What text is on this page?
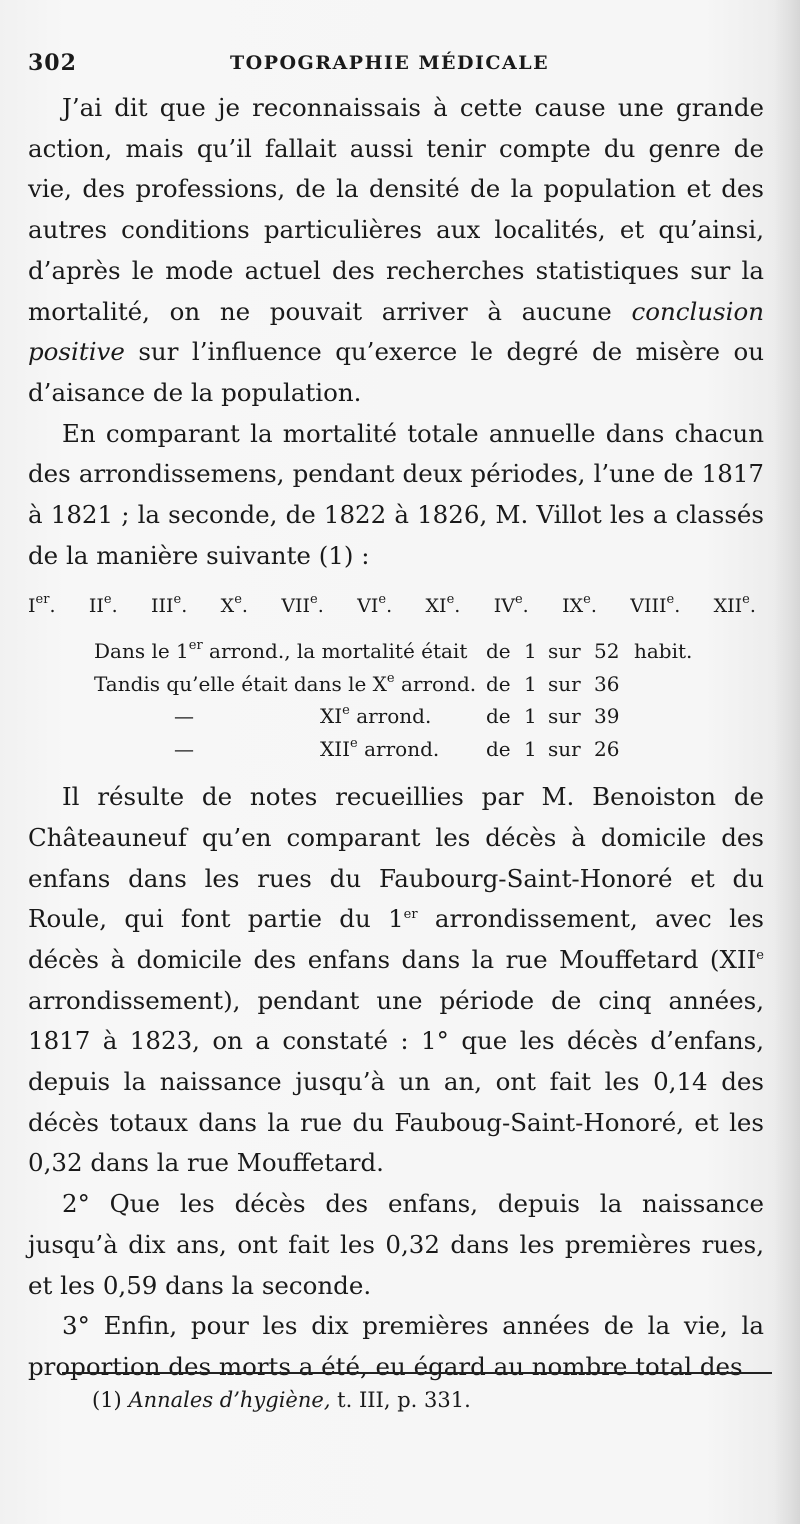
302	TOPOGRAPHIE MÉDICALE

J’ai dit que je reconnaissais à cette cause une grande action, mais qu’il fallait aussi tenir compte du genre de vie, des professions, de la densité de la population et des autres conditions particulières aux localités, et qu’ainsi, d’après le mode actuel des recherches statistiques sur la mortalité, on ne pouvait arriver à aucune conclusion positive sur l’influence qu’exerce le degré de misère ou d’aisance de la population.

En comparant la mortalité totale annuelle dans chacun des arrondissemens, pendant deux périodes, l’une de 1817 à 1821 ; la seconde, de 1822 à 1826, M. Villot les a classés de la manière suivante (1) :

Ier. IIe. IIIe. Xe. VIIe. VIe. XIe. IVe. IXe. VIIIe. XIIe.
Dans le 1er arrond., la mortalité était de 1 sur 52 habit.
Tandis qu’elle était dans le Xe arrond. de 1 sur 36
—	XIe arrond.	de 1 sur 39
—	XIIe arrond.	de 1 sur 26

Il résulte de notes recueillies par M. Benoiston de Châteauneuf qu’en comparant les décès à domicile des enfans dans les rues du Faubourg-Saint-Honoré et du Roule, qui font partie du 1er arrondissement, avec les décès à domicile des enfans dans la rue Mouffetard (XIIe arrondissement), pendant une période de cinq années, 1817 à 1823, on a constaté : 1° que les décès d’enfans, depuis la naissance jusqu’à un an, ont fait les 0,14 des décès totaux dans la rue du Fauboug-Saint-Honoré, et les 0,32 dans la rue Mouffetard.

2° Que les décès des enfans, depuis la naissance jusqu’à dix ans, ont fait les 0,32 dans les premières rues, et les 0,59 dans la seconde.

3° Enfin, pour les dix premières années de la vie, la proportion des morts a été, eu égard au nombre total des

(1) Annales d’hygiène, t. III, p. 331.
